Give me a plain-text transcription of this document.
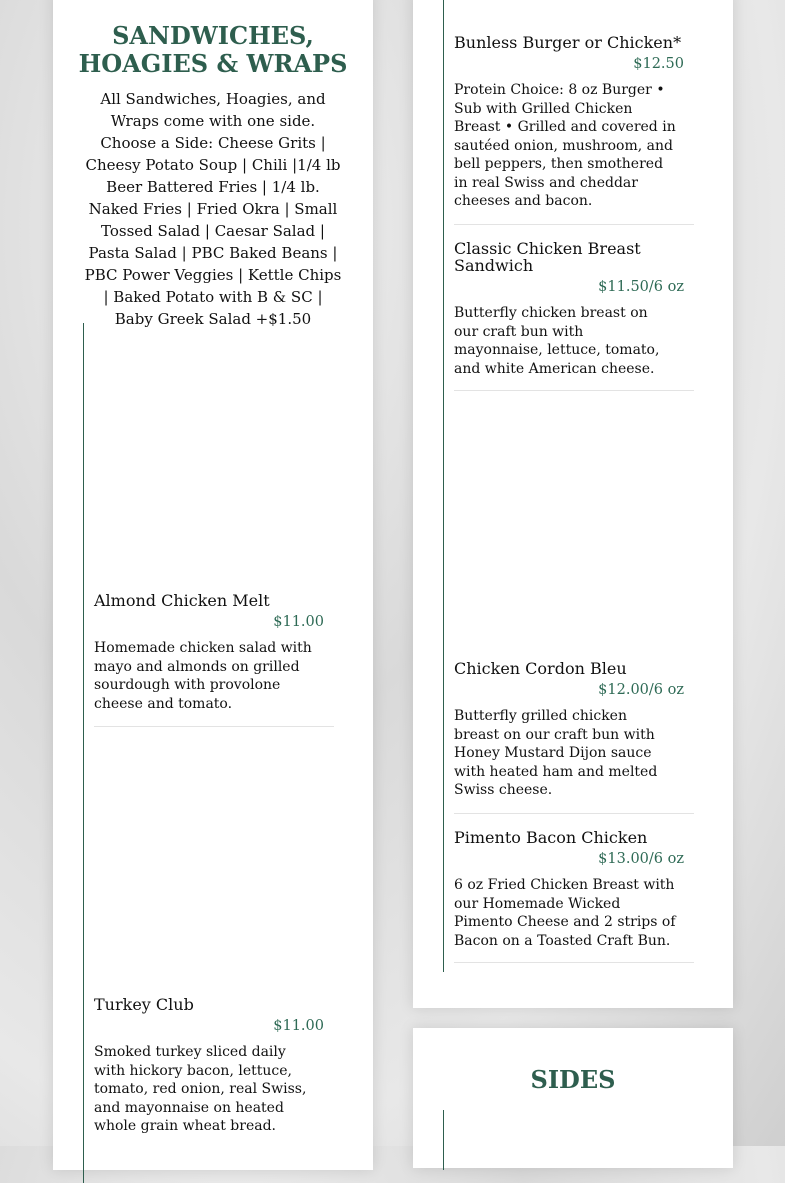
SANDWICHES,
HOAGIES & WRAPS

All Sandwiches, Hoagies, and Wraps come with one side. Choose a Side: Cheese Grits | Cheesy Potato Soup | Chili |1/4 lb Beer Battered Fries | 1/4 lb. Naked Fries | Fried Okra | Small Tossed Salad | Caesar Salad | Pasta Salad | PBC Baked Beans | PBC Power Veggies | Kettle Chips | Baked Potato with B & SC | Baby Greek Salad +$1.50

Almond Chicken Melt
$11.00
Homemade chicken salad with mayo and almonds on grilled sourdough with provolone cheese and tomato.
Turkey Club
$11.00
Smoked turkey sliced daily with hickory bacon, lettuce, tomato, red onion, real Swiss, and mayonnaise on heated whole grain wheat bread.
Bunless Burger or Chicken*
$12.50
Protein Choice: 8 oz Burger • Sub with Grilled Chicken Breast • Grilled and covered in sautéed onion, mushroom, and bell peppers, then smothered in real Swiss and cheddar cheeses and bacon.
Classic Chicken Breast Sandwich
$11.50/6 oz
Butterfly chicken breast on our craft bun with mayonnaise, lettuce, tomato, and white American cheese.
Chicken Cordon Bleu
$12.00/6 oz
Butterfly grilled chicken breast on our craft bun with Honey Mustard Dijon sauce with heated ham and melted Swiss cheese.
Pimento Bacon Chicken
$13.00/6 oz
6 oz Fried Chicken Breast with our Homemade Wicked Pimento Cheese and 2 strips of Bacon on a Toasted Craft Bun.
SIDES
